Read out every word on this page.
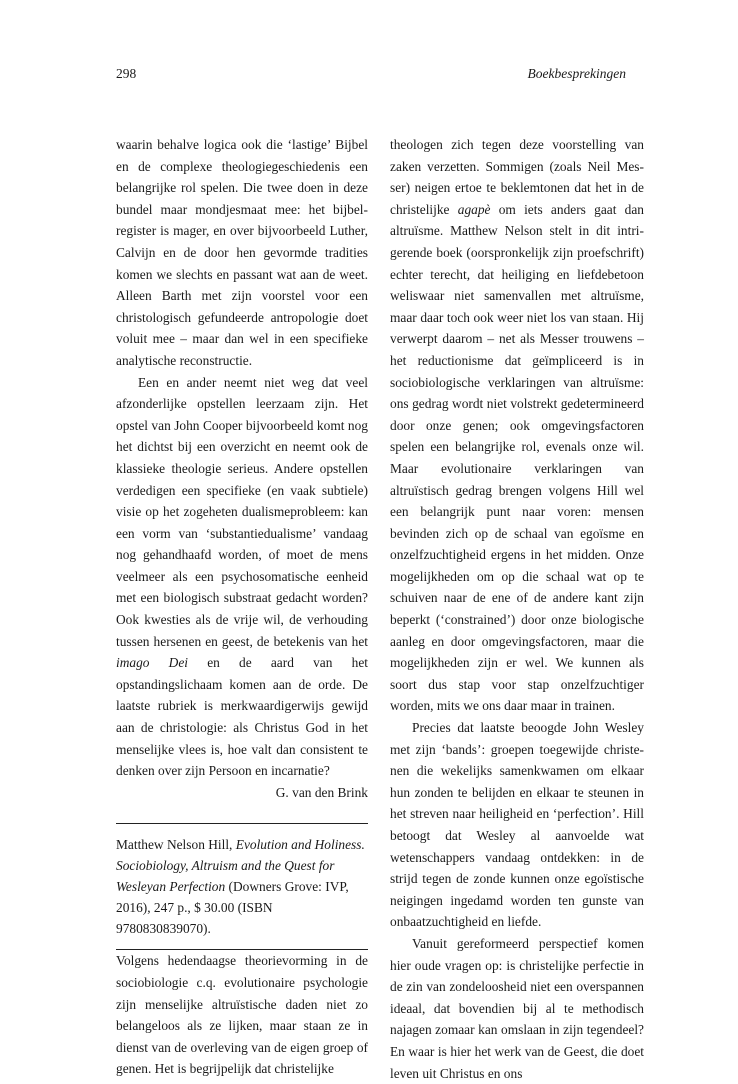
298	Boekbesprekingen

waarin behalve logica ook die ‘lastige’ Bijbel en de complexe theologiegeschiedenis een belangrijke rol spelen. Die twee doen in deze bundel maar mondjesmaat mee: het bijbelregister is mager, en over bijvoorbeeld Luther, Calvijn en de door hen gevormde tradities komen we slechts en passant wat aan de weet. Alleen Barth met zijn voorstel voor een christologisch gefundeerde antropologie doet voluit mee – maar dan wel in een specifieke analytische reconstructie.

Een en ander neemt niet weg dat veel afzonderlijke opstellen leerzaam zijn. Het opstel van John Cooper bijvoorbeeld komt nog het dichtst bij een overzicht en neemt ook de klassieke theologie serieus. Andere opstellen verdedigen een specifieke (en vaak subtiele) visie op het zogeheten dualismeprobleem: kan een vorm van ‘substantiedualisme’ vandaag nog gehandhaafd worden, of moet de mens veelmeer als een psychosomatische eenheid met een biologisch substraat gedacht worden? Ook kwesties als de vrije wil, de verhouding tussen hersenen en geest, de betekenis van het imago Dei en de aard van het opstandingslichaam komen aan de orde. De laatste rubriek is merkwaardigerwijs gewijd aan de christologie: als Christus God in het menselijke vlees is, hoe valt dan consistent te denken over zijn Persoon en incarnatie?

G. van den Brink

Matthew Nelson Hill, Evolution and Holiness. Sociobiology, Altruism and the Quest for Wesleyan Perfection (Downers Grove: IVP, 2016), 247 p., $ 30.00 (ISBN 9780830839070).

Volgens hedendaagse theorievorming in de sociobiologie c.q. evolutionaire psychologie zijn menselijke altruïstische daden niet zo belangeloos als ze lijken, maar staan ze in dienst van de overleving van de eigen groep of genen. Het is begrijpelijk dat christelijke

theologen zich tegen deze voorstelling van zaken verzetten. Sommigen (zoals Neil Messer) neigen ertoe te beklemtonen dat het in de christelijke agapè om iets anders gaat dan altruïsme. Matthew Nelson stelt in dit intrigerende boek (oorspronkelijk zijn proefschrift) echter terecht, dat heiliging en liefdebetoon weliswaar niet samenvallen met altruïsme, maar daar toch ook weer niet los van staan. Hij verwerpt daarom – net als Messer trouwens – het reductionisme dat geïmpliceerd is in sociobiologische verklaringen van altruïsme: ons gedrag wordt niet volstrekt gedetermineerd door onze genen; ook omgevingsfactoren spelen een belangrijke rol, evenals onze wil. Maar evolutionaire verklaringen van altruïstisch gedrag brengen volgens Hill wel een belangrijk punt naar voren: mensen bevinden zich op de schaal van egoïsme en onzelfzuchtigheid ergens in het midden. Onze mogelijkheden om op die schaal wat op te schuiven naar de ene of de andere kant zijn beperkt (‘constrained’) door onze biologische aanleg en door omgevingsfactoren, maar die mogelijkheden zijn er wel. We kunnen als soort dus stap voor stap onzelfzuchtiger worden, mits we ons daar maar in trainen.

Precies dat laatste beoogde John Wesley met zijn ‘bands’: groepen toegewijde christenen die wekelijks samenkwamen om elkaar hun zonden te belijden en elkaar te steunen in het streven naar heiligheid en ‘perfection’. Hill betoogt dat Wesley al aanvoelde wat wetenschappers vandaag ontdekken: in de strijd tegen de zonde kunnen onze egoïstische neigingen ingedamd worden ten gunste van onbaatzuchtigheid en liefde.

Vanuit gereformeerd perspectief komen hier oude vragen op: is christelijke perfectie in de zin van zondeloosheid niet een overspannen ideaal, dat bovendien bij al te methodisch najagen zomaar kan omslaan in zijn tegendeel? En waar is hier het werk van de Geest, die doet leven uit Christus en ons
